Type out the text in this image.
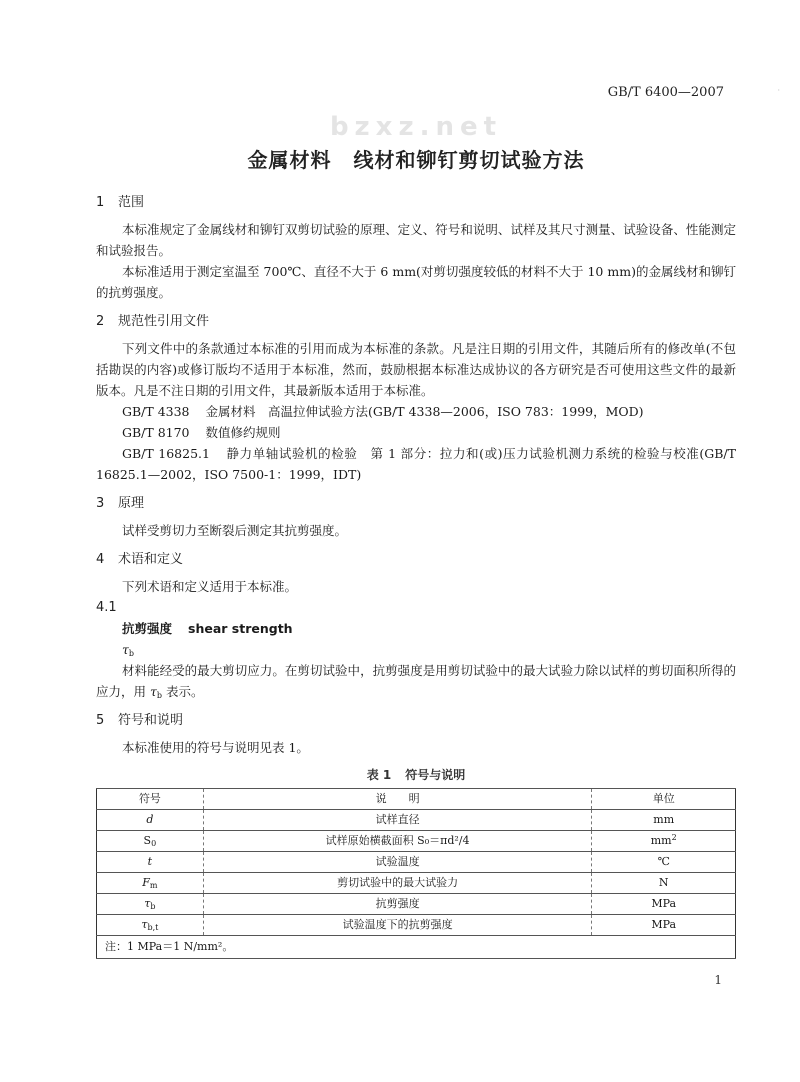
GB/T 6400—2007	·
bzxz.net
金属材料 线材和铆钉剪切试验方法
1 范围
本标准规定了金属线材和铆钉双剪切试验的原理、定义、符号和说明、试样及其尺寸测量、试验设备、性能测定和试验报告。
本标准适用于测定室温至 700℃、直径不大于 6 mm(对剪切强度较低的材料不大于 10 mm)的金属线材和铆钉的抗剪强度。
2 规范性引用文件
下列文件中的条款通过本标准的引用而成为本标准的条款。凡是注日期的引用文件，其随后所有的修改单(不包括勘误的内容)或修订版均不适用于本标准，然而，鼓励根据本标准达成协议的各方研究是否可使用这些文件的最新版本。凡是不注日期的引用文件，其最新版本适用于本标准。
GB/T 4338 金属材料　高温拉伸试验方法(GB/T 4338—2006，ISO 783：1999，MOD)
GB/T 8170 数值修约规则
GB/T 16825.1 静力单轴试验机的检验　第 1 部分：拉力和(或)压力试验机测力系统的检验与校准(GB/T 16825.1—2002，ISO 7500-1：1999，IDT)
3 原理
试样受剪切力至断裂后测定其抗剪强度。
4 术语和定义
下列术语和定义适用于本标准。
4.1
抗剪强度 shear strength
$\tau_b$
材料能经受的最大剪切应力。在剪切试验中，抗剪强度是用剪切试验中的最大试验力除以试样的剪切面积所得的应力，用 $\tau_b$ 表示。
5 符号和说明
本标准使用的符号与说明见表 1。
表 1 符号与说明
符号	说　　明	单位
d	试样直径	mm
$S_0$	试样原始横截面积 S₀＝πd²/4	$mm^2$
t	试验温度	℃
$F_m$	剪切试验中的最大试验力	N
$\tau_b$	抗剪强度	MPa
$\tau_{b,t}$	试验温度下的抗剪强度	MPa
注：1 MPa＝1 N/mm²。		
1
